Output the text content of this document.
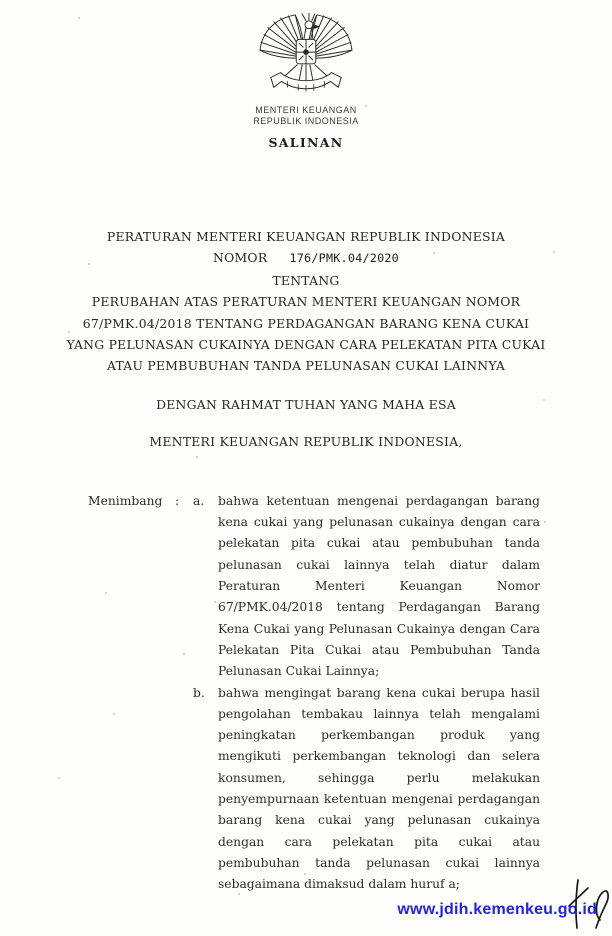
MENTERI KEUANGAN
REPUBLIK INDONESIA
SALINAN
PERATURAN MENTERI KEUANGAN REPUBLIK INDONESIA
NOMOR 176/PMK.04/2020
TENTANG
PERUBAHAN ATAS PERATURAN MENTERI KEUANGAN NOMOR
67/PMK.04/2018 TENTANG PERDAGANGAN BARANG KENA CUKAI
YANG PELUNASAN CUKAINYA DENGAN CARA PELEKATAN PITA CUKAI
ATAU PEMBUBUHAN TANDA PELUNASAN CUKAI LAINNYA
DENGAN RAHMAT TUHAN YANG MAHA ESA
MENTERI KEUANGAN REPUBLIK INDONESIA,
Menimbang	:	a.	bahwa ketentuan mengenai perdagangan barang kena cukai yang pelunasan cukainya dengan cara pelekatan pita cukai atau pembubuhan tanda pelunasan cukai lainnya telah diatur dalam Peraturan Menteri Keuangan Nomor 67/PMK.04/2018 tentang Perdagangan Barang Kena Cukai yang Pelunasan Cukainya dengan Cara Pelekatan Pita Cukai atau Pembubuhan Tanda Pelunasan Cukai Lainnya;

b.	bahwa mengingat barang kena cukai berupa hasil pengolahan tembakau lainnya telah mengalami peningkatan perkembangan produk yang mengikuti perkembangan teknologi dan selera konsumen, sehingga perlu melakukan penyempurnaan ketentuan mengenai perdagangan barang kena cukai yang pelunasan cukainya dengan cara pelekatan pita cukai atau pembubuhan tanda pelunasan cukai lainnya sebagaimana dimaksud dalam huruf a;

www.jdih.kemenkeu.go.id
